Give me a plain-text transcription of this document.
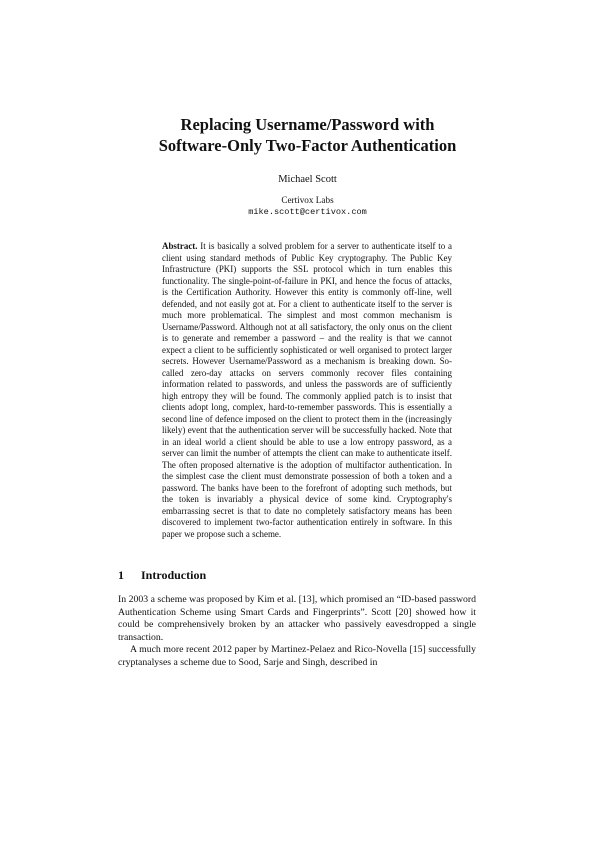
Replacing Username/Password with
Software-Only Two-Factor Authentication
Michael Scott
Certivox Labs
mike.scott@certivox.com
Abstract. It is basically a solved problem for a server to authenticate itself to a client using standard methods of Public Key cryptography. The Public Key Infrastructure (PKI) supports the SSL protocol which in turn enables this functionality. The single-point-of-failure in PKI, and hence the focus of attacks, is the Certification Authority. However this entity is commonly off-line, well defended, and not easily got at. For a client to authenticate itself to the server is much more problematical. The simplest and most common mechanism is Username/Password. Although not at all satisfactory, the only onus on the client is to generate and remember a password – and the reality is that we cannot expect a client to be sufficiently sophisticated or well organised to protect larger secrets. However Username/Password as a mechanism is breaking down. So-called zero-day attacks on servers commonly recover files containing information related to passwords, and unless the passwords are of sufficiently high entropy they will be found. The commonly applied patch is to insist that clients adopt long, complex, hard-to-remember passwords. This is essentially a second line of defence imposed on the client to protect them in the (increasingly likely) event that the authentication server will be successfully hacked. Note that in an ideal world a client should be able to use a low entropy password, as a server can limit the number of attempts the client can make to authenticate itself. The often proposed alternative is the adoption of multifactor authentication. In the simplest case the client must demonstrate possession of both a token and a password. The banks have been to the forefront of adopting such methods, but the token is invariably a physical device of some kind. Cryptography's embarrassing secret is that to date no completely satisfactory means has been discovered to implement two-factor authentication entirely in software. In this paper we propose such a scheme.
1 Introduction

In 2003 a scheme was proposed by Kim et al. [13], which promised an “ID-based password Authentication Scheme using Smart Cards and Fingerprints”. Scott [20] showed how it could be comprehensively broken by an attacker who passively eavesdropped a single transaction.

A much more recent 2012 paper by Martinez-Pelaez and Rico-Novella [15] successfully cryptanalyses a scheme due to Sood, Sarje and Singh, described in
